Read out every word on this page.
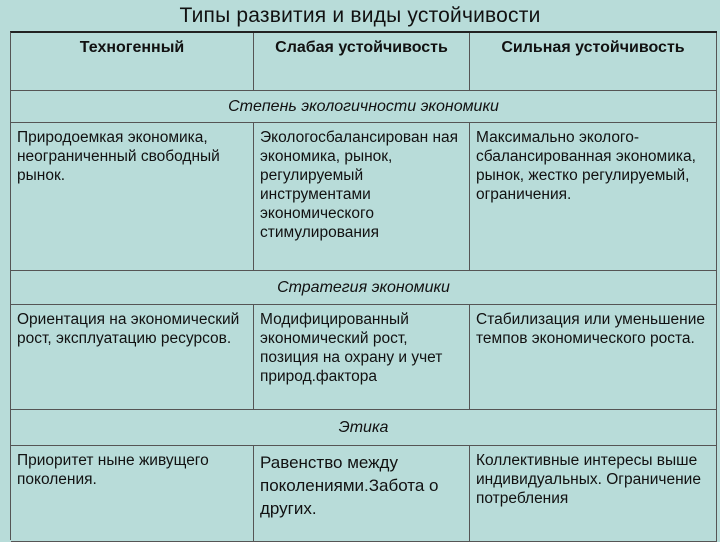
Типы развития и виды устойчивости
Техногенный	Слабая устойчивость	Сильная устойчивость
Степень экологичности экономики
Природоемкая экономика, неограниченный свободный рынок.
Экологосбалансирован ная экономика, рынок, регулируемый инструментами экономического стимулирования
Максимально эколого-сбалансированная экономика, рынок, жестко регулируемый, ограничения.
Стратегия экономики
Ориентация на экономический рост, эксплуатацию ресурсов.
Модифицированный экономический рост, позиция на охрану и учет природ.фактора
Стабилизация или уменьшение темпов экономического роста.
Этика
Приоритет ныне живущего поколения.
Равенство между поколениями.Забота о других.
Коллективные интересы выше индивидуальных. Ограничение потребления
